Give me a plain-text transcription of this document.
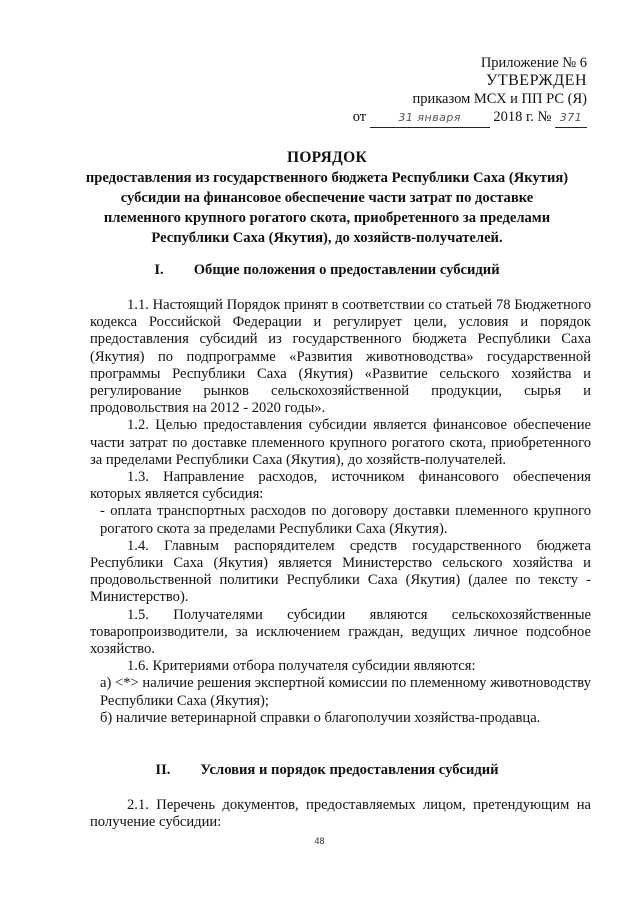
Приложение № 6
УТВЕРЖДЕН
приказом МСХ и ПП РС (Я)
от	31 января 2018 г. № 371
ПОРЯДОК
предоставления из государственного бюджета Республики Саха (Якутия)
субсидии на финансовое обеспечение части затрат по доставке
племенного крупного рогатого скота, приобретенного за пределами
Республики Саха (Якутия), до хозяйств-получателей.
I. Общие положения о предоставлении субсидий

1.1. Настоящий Порядок принят в соответствии со статьей 78 Бюджетного кодекса Российской Федерации и регулирует цели, условия и порядок предоставления субсидий из государственного бюджета Республики Саха (Якутия) по подпрограмме «Развития животноводства» государственной программы Республики Саха (Якутия) «Развитие сельского хозяйства и регулирование рынков сельскохозяйственной продукции, сырья и продовольствия на 2012 - 2020 годы».

1.2. Целью предоставления субсидии является финансовое обеспечение части затрат по доставке племенного крупного рогатого скота, приобретенного за пределами Республики Саха (Якутия), до хозяйств-получателей.

1.3. Направление расходов, источником финансового обеспечения которых является субсидия:

- оплата транспортных расходов по договору доставки племенного крупного рогатого скота за пределами Республики Саха (Якутия).

1.4. Главным распорядителем средств государственного бюджета Республики Саха (Якутия) является Министерство сельского хозяйства и продовольственной политики Республики Саха (Якутия) (далее по тексту - Министерство).

1.5. Получателями субсидии являются сельскохозяйственные товаропроизводители, за исключением граждан, ведущих личное подсобное хозяйство.

1.6. Критериями отбора получателя субсидии являются:

а) <*> наличие решения экспертной комиссии по племенному животноводству Республики Саха (Якутия);

б) наличие ветеринарной справки о благополучии хозяйства-продавца.

II. Условия и порядок предоставления субсидий

2.1. Перечень документов, предоставляемых лицом, претендующим на получение субсидии:

48
